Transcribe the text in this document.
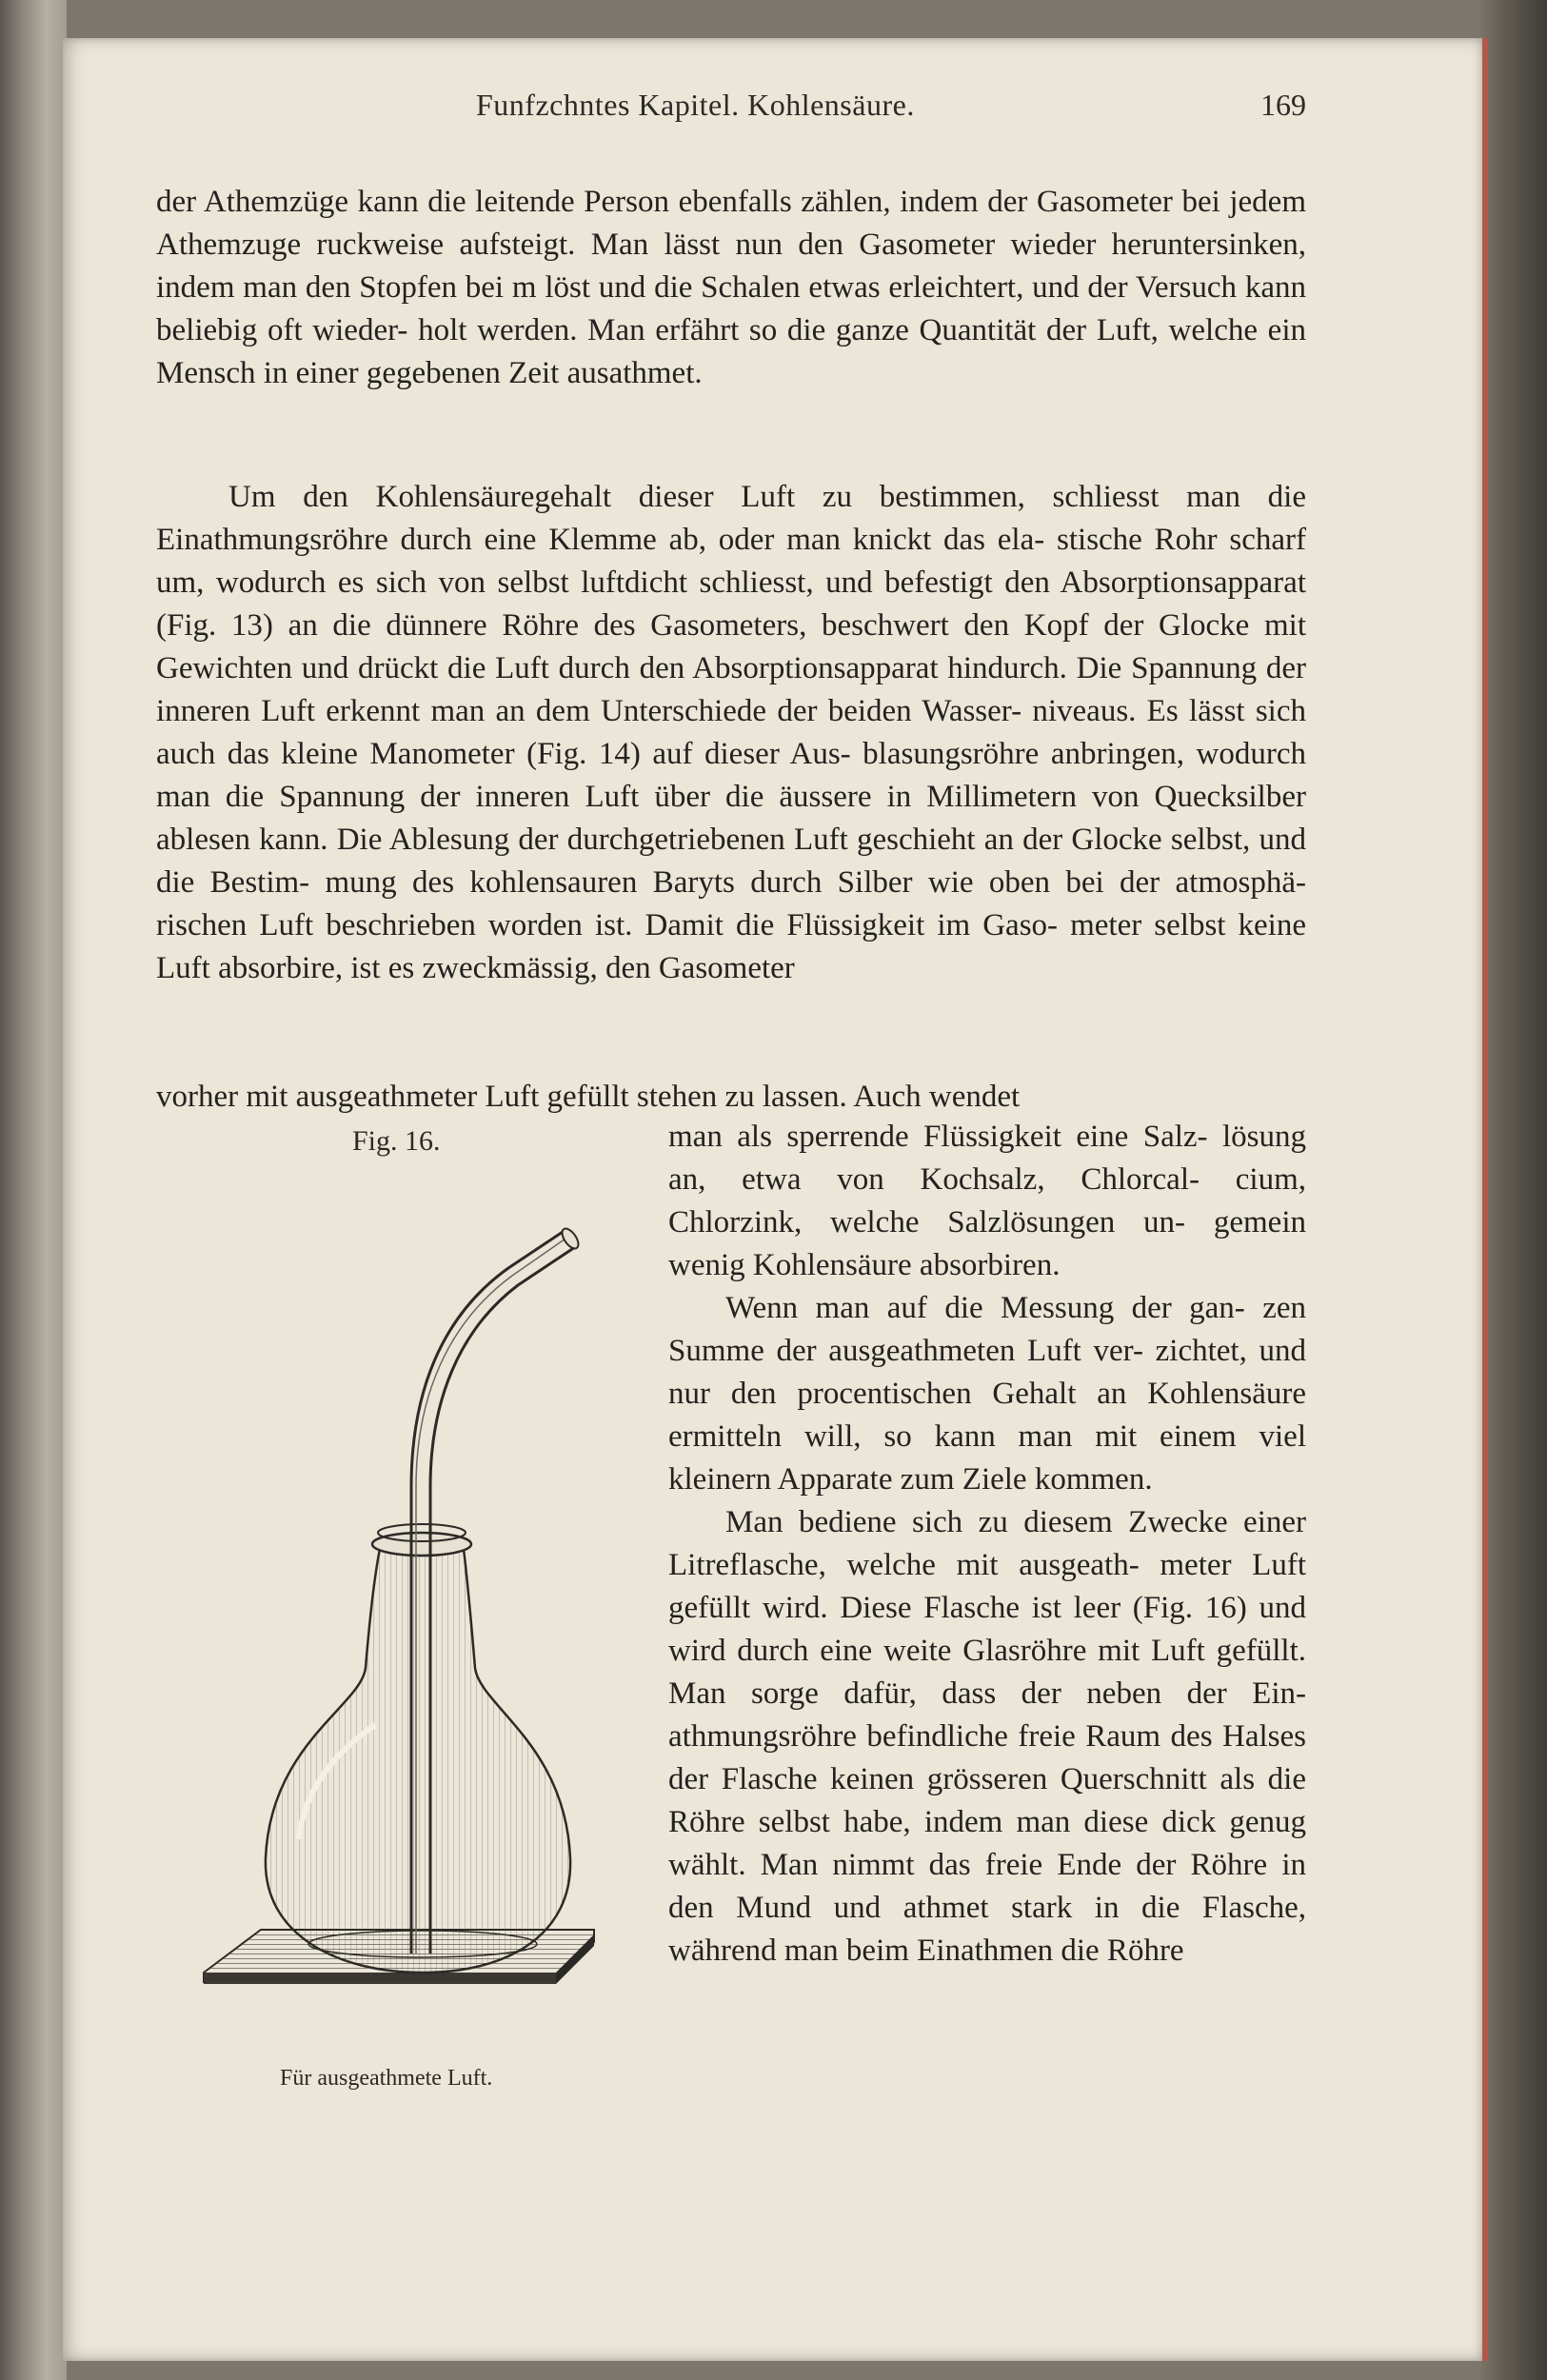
Funfzchntes Kapitel. Kohlensäure.	169

der Athemzüge kann die leitende Person ebenfalls zählen, indem der Gasometer bei jedem Athemzuge ruckweise aufsteigt. Man lässt nun den Gasometer wieder heruntersinken, indem man den Stopfen bei m löst und die Schalen etwas erleichtert, und der Versuch kann beliebig oft wieder- holt werden. Man erfährt so die ganze Quantität der Luft, welche ein Mensch in einer gegebenen Zeit ausathmet.

Um den Kohlensäuregehalt dieser Luft zu bestimmen, schliesst man die Einathmungsröhre durch eine Klemme ab, oder man knickt das ela- stische Rohr scharf um, wodurch es sich von selbst luftdicht schliesst, und befestigt den Absorptionsapparat (Fig. 13) an die dünnere Röhre des Gasometers, beschwert den Kopf der Glocke mit Gewichten und drückt die Luft durch den Absorptionsapparat hindurch. Die Spannung der inneren Luft erkennt man an dem Unterschiede der beiden Wasser- niveaus. Es lässt sich auch das kleine Manometer (Fig. 14) auf dieser Aus- blasungsröhre anbringen, wodurch man die Spannung der inneren Luft über die äussere in Millimetern von Quecksilber ablesen kann. Die Ablesung der durchgetriebenen Luft geschieht an der Glocke selbst, und die Bestim- mung des kohlensauren Baryts durch Silber wie oben bei der atmosphä- rischen Luft beschrieben worden ist. Damit die Flüssigkeit im Gaso- meter selbst keine Luft absorbire, ist es zweckmässig, den Gasometer

vorher mit ausgeathmeter Luft gefüllt stehen zu lassen. Auch wendet

Fig. 16.
Für ausgeathmete Luft.

man als sperrende Flüssigkeit eine Salz- lösung an, etwa von Kochsalz, Chlorcal- cium, Chlorzink, welche Salzlösungen un- gemein wenig Kohlensäure absorbiren.

Wenn man auf die Messung der gan- zen Summe der ausgeathmeten Luft ver- zichtet, und nur den procentischen Gehalt an Kohlensäure ermitteln will, so kann man mit einem viel kleinern Apparate zum Ziele kommen.

Man bediene sich zu diesem Zwecke einer Litreflasche, welche mit ausgeath- meter Luft gefüllt wird. Diese Flasche ist leer (Fig. 16) und wird durch eine weite Glasröhre mit Luft gefüllt. Man sorge dafür, dass der neben der Ein- athmungsröhre befindliche freie Raum des Halses der Flasche keinen grösseren Querschnitt als die Röhre selbst habe, indem man diese dick genug wählt. Man nimmt das freie Ende der Röhre in den Mund und athmet stark in die Flasche, während man beim Einathmen die Röhre
